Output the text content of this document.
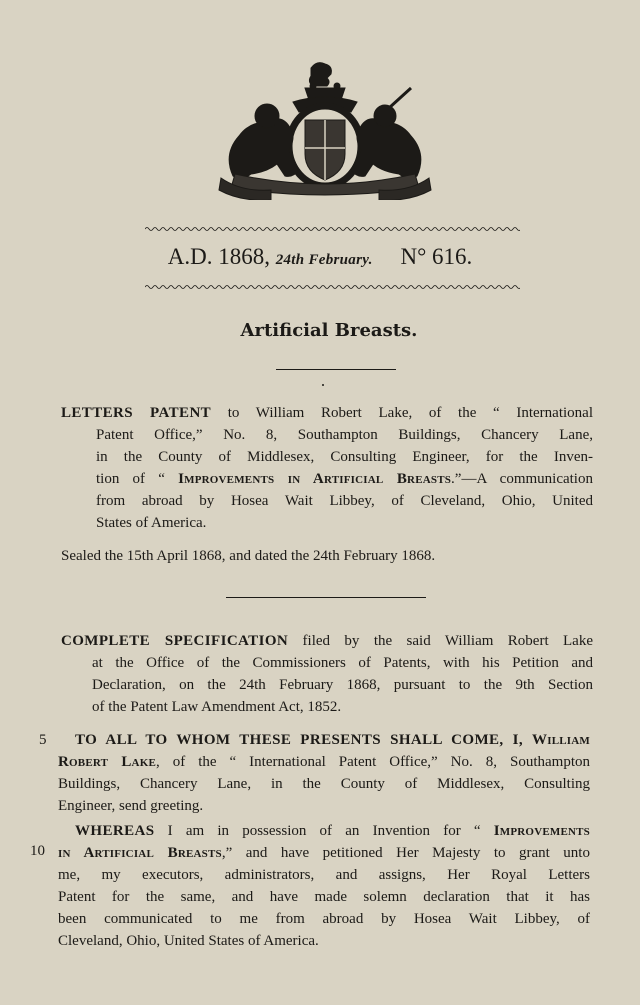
A.D. 1868, 24th February. N° 616.
Artificial Breasts.
LETTERS PATENT to William Robert Lake, of the “ International
Patent Office,” No. 8, Southampton Buildings, Chancery Lane,
in the County of Middlesex, Consulting Engineer, for the Inven-
tion of “ Improvements in Artificial Breasts.”—A communication
from abroad by Hosea Wait Libbey, of Cleveland, Ohio, United
States of America.
Sealed the 15th April 1868, and dated the 24th February 1868.
COMPLETE SPECIFICATION filed by the said William Robert Lake
at the Office of the Commissioners of Patents, with his Petition and
Declaration, on the 24th February 1868, pursuant to the 9th Section
of the Patent Law Amendment Act, 1852.
5 TO ALL TO WHOM THESE PRESENTS SHALL COME, I, William
Robert Lake, of the “ International Patent Office,” No. 8, Southampton
Buildings, Chancery Lane, in the County of Middlesex, Consulting
Engineer, send greeting.
10
WHEREAS I am in possession of an Invention for “ Improvements
in Artificial Breasts,” and have petitioned Her Majesty to grant unto
me, my executors, administrators, and assigns, Her Royal Letters
Patent for the same, and have made solemn declaration that it has
been communicated to me from abroad by Hosea Wait Libbey, of
Cleveland, Ohio, United States of America.
